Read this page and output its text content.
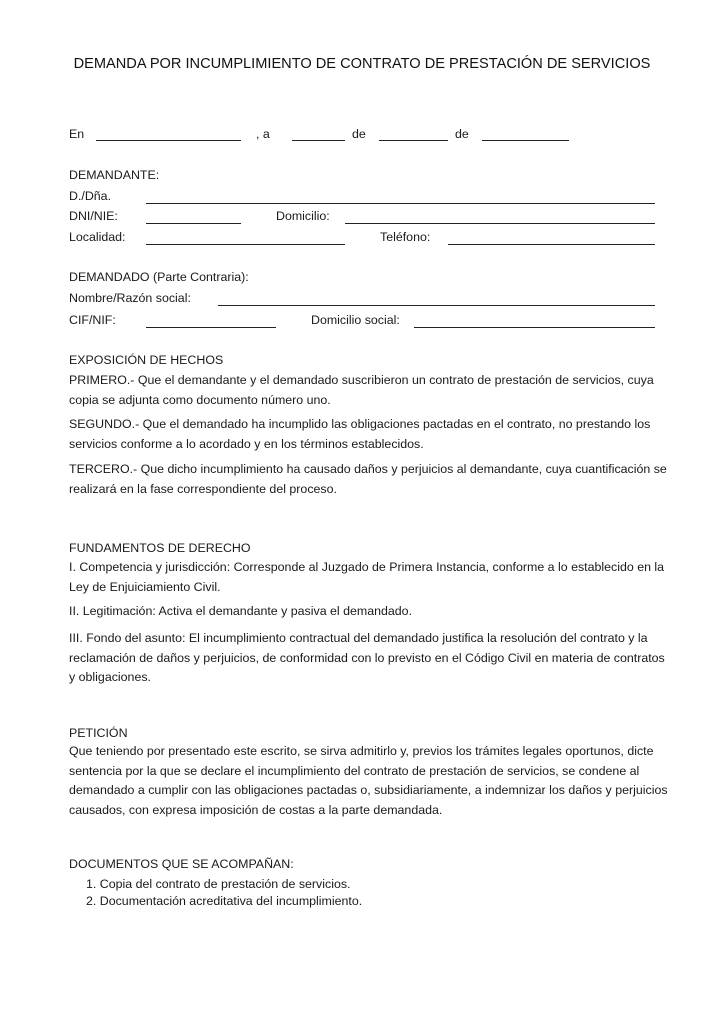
DEMANDA POR INCUMPLIMIENTO DE CONTRATO DE PRESTACIÓN DE SERVICIOS
En	, a	de	de
DEMANDANTE:
D./Dña.
DNI/NIE:	Domicilio:
Localidad:	Teléfono:
DEMANDADO (Parte Contraria):
Nombre/Razón social:
CIF/NIF:	Domicilio social:
EXPOSICIÓN DE HECHOS
PRIMERO.- Que el demandante y el demandado suscribieron un contrato de prestación de servicios, cuya copia se adjunta como documento número uno.
SEGUNDO.- Que el demandado ha incumplido las obligaciones pactadas en el contrato, no prestando los servicios conforme a lo acordado y en los términos establecidos.
TERCERO.- Que dicho incumplimiento ha causado daños y perjuicios al demandante, cuya cuantificación se realizará en la fase correspondiente del proceso.
FUNDAMENTOS DE DERECHO
I. Competencia y jurisdicción: Corresponde al Juzgado de Primera Instancia, conforme a lo establecido en la Ley de Enjuiciamiento Civil.
II. Legitimación: Activa el demandante y pasiva el demandado.
III. Fondo del asunto: El incumplimiento contractual del demandado justifica la resolución del contrato y la reclamación de daños y perjuicios, de conformidad con lo previsto en el Código Civil en materia de contratos y obligaciones.
PETICIÓN
Que teniendo por presentado este escrito, se sirva admitirlo y, previos los trámites legales oportunos, dicte sentencia por la que se declare el incumplimiento del contrato de prestación de servicios, se condene al demandado a cumplir con las obligaciones pactadas o, subsidiariamente, a indemnizar los daños y perjuicios causados, con expresa imposición de costas a la parte demandada.
DOCUMENTOS QUE SE ACOMPAÑAN:
1. Copia del contrato de prestación de servicios.
2. Documentación acreditativa del incumplimiento.
